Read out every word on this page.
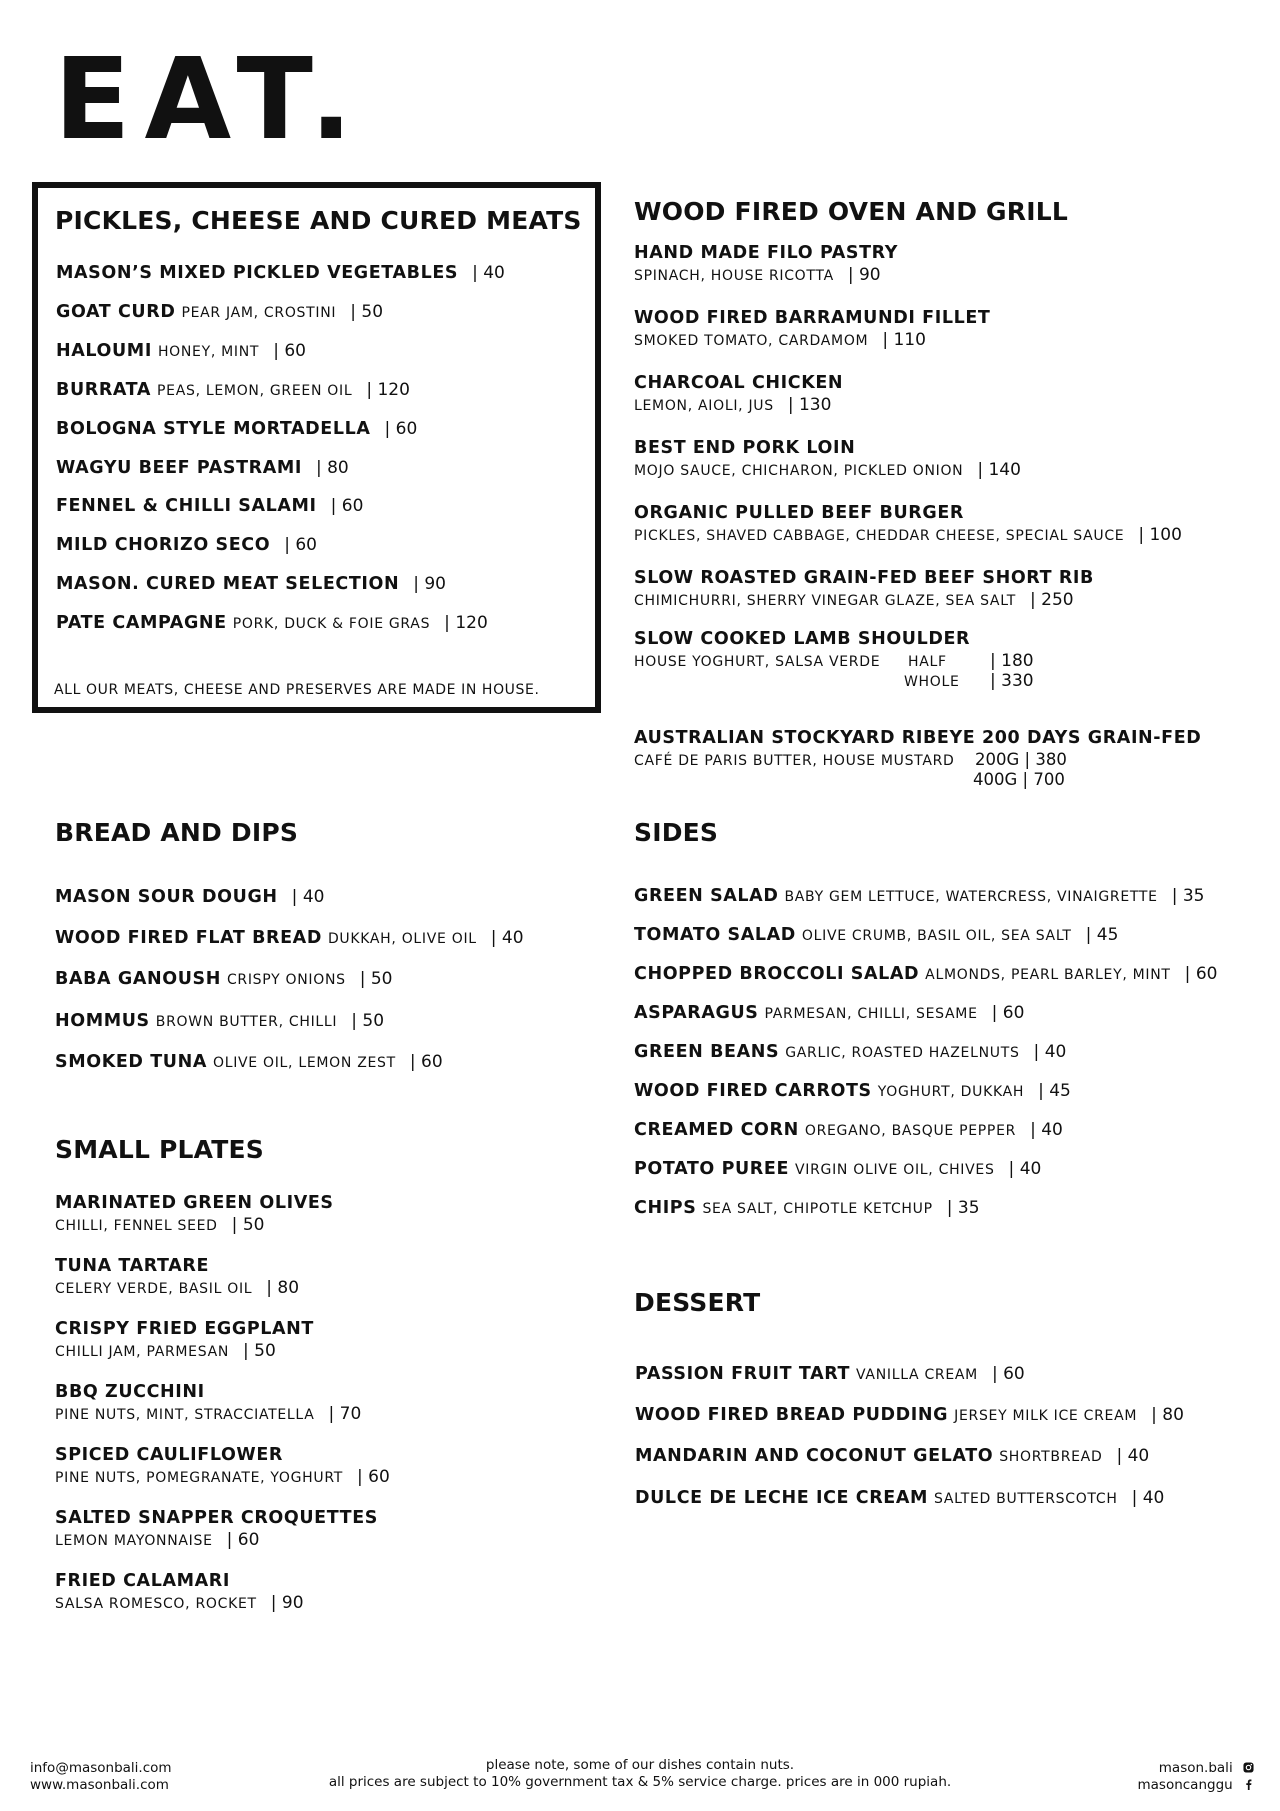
EAT.
PICKLES, CHEESE AND CURED MEATS
MASON’S MIXED PICKLED VEGETABLES | 40
GOAT CURD PEAR JAM, CROSTINI | 50
HALOUMI HONEY, MINT | 60
BURRATA PEAS, LEMON, GREEN OIL | 120
BOLOGNA STYLE MORTADELLA | 60
WAGYU BEEF PASTRAMI | 80
FENNEL & CHILLI SALAMI | 60
MILD CHORIZO SECO | 60
MASON. CURED MEAT SELECTION | 90
PATE CAMPAGNE PORK, DUCK & FOIE GRAS | 120
ALL OUR MEATS, CHEESE AND PRESERVES ARE MADE IN HOUSE.
WOOD FIRED OVEN AND GRILL
HAND MADE FILO PASTRY
SPINACH, HOUSE RICOTTA | 90
WOOD FIRED BARRAMUNDI FILLET
SMOKED TOMATO, CARDAMOM | 110
CHARCOAL CHICKEN
LEMON, AIOLI, JUS | 130
BEST END PORK LOIN
MOJO SAUCE, CHICHARON, PICKLED ONION | 140
ORGANIC PULLED BEEF BURGER
PICKLES, SHAVED CABBAGE, CHEDDAR CHEESE, SPECIAL SAUCE | 100
SLOW ROASTED GRAIN-FED BEEF SHORT RIB
CHIMICHURRI, SHERRY VINEGAR GLAZE, SEA SALT | 250
SLOW COOKED LAMB SHOULDER
HOUSE YOGHURT, SALSA VERDE HALF	| 180
WHOLE | 330
AUSTRALIAN STOCKYARD RIBEYE 200 DAYS GRAIN-FED
CAFÉ DE PARIS BUTTER, HOUSE MUSTARD 200G | 380
400G | 700
BREAD AND DIPS
MASON SOUR DOUGH | 40
WOOD FIRED FLAT BREAD DUKKAH, OLIVE OIL | 40
BABA GANOUSH CRISPY ONIONS | 50
HOMMUS BROWN BUTTER, CHILLI | 50
SMOKED TUNA OLIVE OIL, LEMON ZEST | 60
SMALL PLATES
MARINATED GREEN OLIVES
CHILLI, FENNEL SEED | 50
TUNA TARTARE
CELERY VERDE, BASIL OIL | 80
CRISPY FRIED EGGPLANT
CHILLI JAM, PARMESAN | 50
BBQ ZUCCHINI
PINE NUTS, MINT, STRACCIATELLA | 70
SPICED CAULIFLOWER
PINE NUTS, POMEGRANATE, YOGHURT | 60
SALTED SNAPPER CROQUETTES
LEMON MAYONNAISE | 60
FRIED CALAMARI
SALSA ROMESCO, ROCKET | 90
SIDES
GREEN SALAD BABY GEM LETTUCE, WATERCRESS, VINAIGRETTE | 35
TOMATO SALAD OLIVE CRUMB, BASIL OIL, SEA SALT | 45
CHOPPED BROCCOLI SALAD ALMONDS, PEARL BARLEY, MINT | 60
ASPARAGUS PARMESAN, CHILLI, SESAME | 60
GREEN BEANS GARLIC, ROASTED HAZELNUTS | 40
WOOD FIRED CARROTS YOGHURT, DUKKAH | 45
CREAMED CORN OREGANO, BASQUE PEPPER | 40
POTATO PUREE VIRGIN OLIVE OIL, CHIVES | 40
CHIPS SEA SALT, CHIPOTLE KETCHUP | 35
DESSERT
PASSION FRUIT TART VANILLA CREAM | 60
WOOD FIRED BREAD PUDDING JERSEY MILK ICE CREAM | 80
MANDARIN AND COCONUT GELATO SHORTBREAD | 40
DULCE DE LECHE ICE CREAM SALTED BUTTERSCOTCH | 40
info@masonbali.com
www.masonbali.com
please note, some of our dishes contain nuts.
all prices are subject to 10% government tax & 5% service charge. prices are in 000 rupiah.
mason.bali
masoncanggu
